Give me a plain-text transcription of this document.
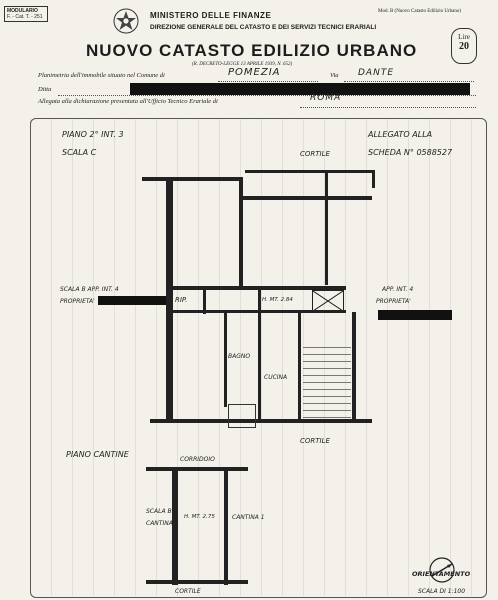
MODULARIO
F. - Cat. T. - 251	MINISTERO DELLE FINANZE
DIREZIONE GENERALE DEL CATASTO E DEI SERVIZI TECNICI ERARIALI
Mod. B (Nuovo Catasto Edilizio Urbano)
NUOVO CATASTO EDILIZIO URBANO
(R. DECRETO-LEGGE 13 APRILE 1939, N. 652)
Lire
20
Planimetria dell'immobile situato nel Comune di	POMEZIA	Via DANTE
Ditta
Allegata alla dichiarazione presentata all'Ufficio Tecnico Erariale di	ROMA
PIANO 2° INT. 3
SCALA C
ALLEGATO ALLA
SCHEDA N° 0588527
CORTILE
SCALA B APP. INT. 4
PROPRIETA'	RIP.	H. MT. 2.84
APP. INT. 4
PROPRIETA'
BAGNO
CUCINA
CORTILE
PIANO CANTINE
CORRIDOIO
SCALA B
CANTINA 4
H. MT. 2.75	CANTINA 1
CORTILE
ORIENTAMENTO
SCALA DI 1:100
